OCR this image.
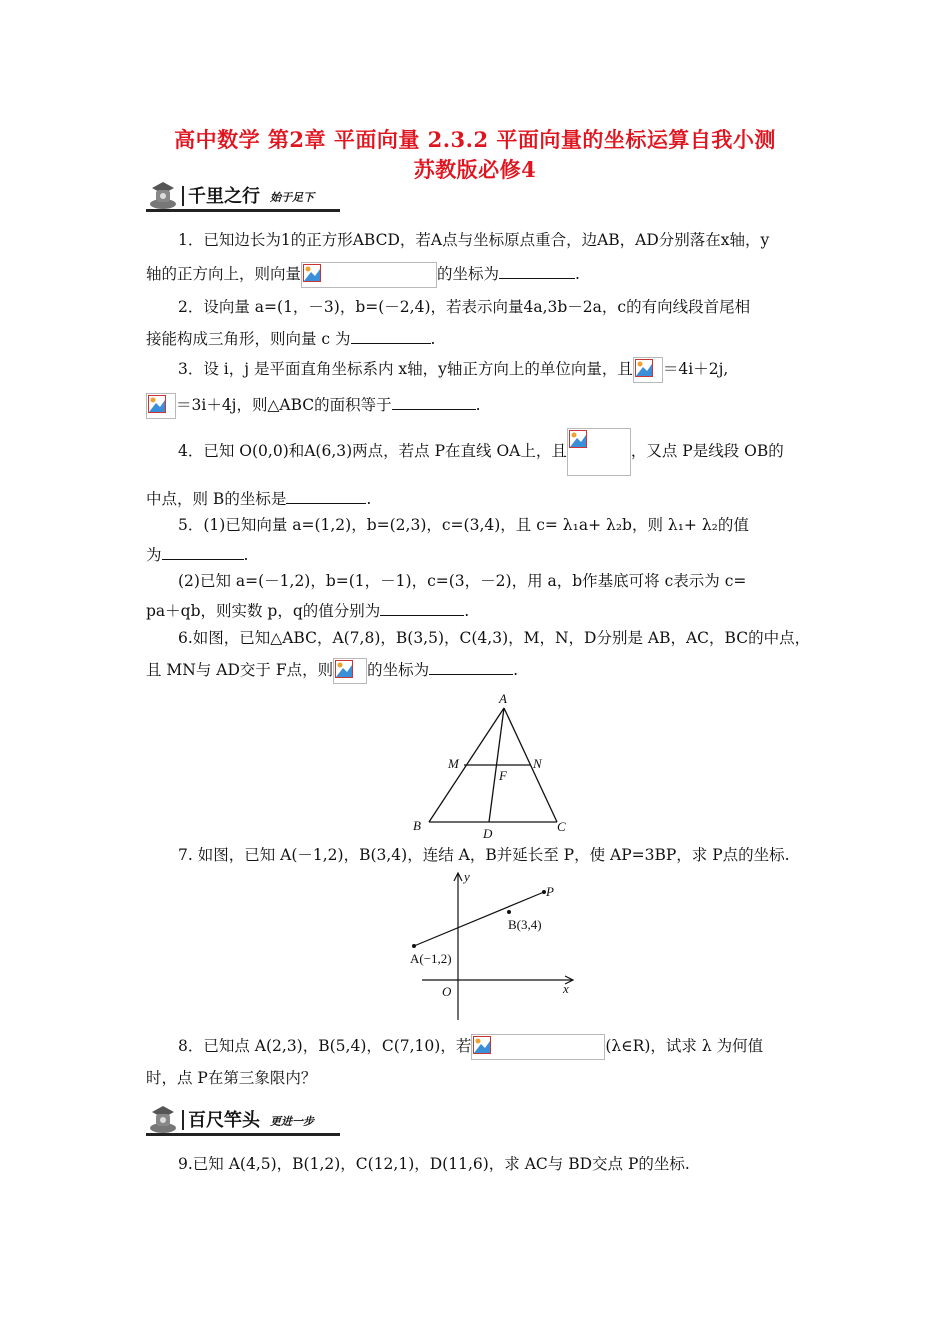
高中数学 第2章 平面向量 2.3.2 平面向量的坐标运算自我小测
苏教版必修4
千里之行 始于足下
1．已知边长为1的正方形ABCD，若A点与坐标原点重合，边AB，AD分别落在x轴，y
轴的正方向上，则向量	的坐标为	.
2．设向量 a=(1，－3)，b=(－2,4)，若表示向量4a,3b－2a，c的有向线段首尾相
接能构成三角形，则向量 c 为	.
3．设 i，j 是平面直角坐标系内 x轴，y轴正方向上的单位向量，且 ＝4i＋2j,
＝3i＋4j，则△ABC的面积等于	.
4．已知 O(0,0)和A(6,3)两点，若点 P在直线 OA上，且	，又点 P是线段 OB的
中点，则 B的坐标是	.
5．(1)已知向量 a=(1,2)，b=(2,3)，c=(3,4)，且 c= λ₁a+ λ₂b，则 λ₁+ λ₂的值
为	.
(2)已知 a=(－1,2)，b=(1，－1)，c=(3，－2)，用 a，b作基底可将 c表示为 c=
pa＋qb，则实数 p，q的值分别为	.
6.如图，已知△ABC，A(7,8)，B(3,5)，C(4,3)，M，N，D分别是 AB，AC，BC的中点，
且 MN与 AD交于 F点，则 的坐标为	.
A
B	C
M	N
F
D
7. 如图，已知 A(－1,2)，B(3,4)，连结 A，B并延长至 P，使 AP=3BP，求 P点的坐标.
y
x
O
P
B(3,4)
A(−1,2)
8．已知点 A(2,3)，B(5,4)，C(7,10)，若	(λ∈R)，试求 λ 为何值
时，点 P在第三象限内？
百尺竿头 更进一步
9.已知 A(4,5)，B(1,2)，C(12,1)，D(11,6)，求 AC与 BD交点 P的坐标.
